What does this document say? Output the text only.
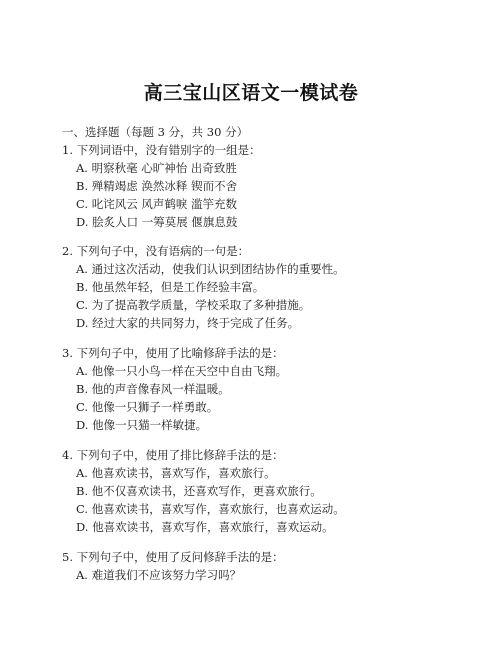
高三宝山区语文一模试卷
一、选择题（每题 3 分，共 30 分）
1. 下列词语中，没有错别字的一组是：
A. 明察秋毫 心旷神怡 出奇致胜
B. 殚精竭虑 涣然冰释 锲而不舍
C. 叱诧风云 风声鹤唳 滥竽充数
D. 脍炙人口 一筹莫展 偃旗息鼓
2. 下列句子中，没有语病的一句是：
A. 通过这次活动，使我们认识到团结协作的重要性。
B. 他虽然年轻，但是工作经验丰富。
C. 为了提高教学质量，学校采取了多种措施。
D. 经过大家的共同努力，终于完成了任务。
3. 下列句子中，使用了比喻修辞手法的是：
A. 他像一只小鸟一样在天空中自由飞翔。
B. 他的声音像春风一样温暖。
C. 他像一只狮子一样勇敢。
D. 他像一只猫一样敏捷。
4. 下列句子中，使用了排比修辞手法的是：
A. 他喜欢读书，喜欢写作，喜欢旅行。
B. 他不仅喜欢读书，还喜欢写作，更喜欢旅行。
C. 他喜欢读书，喜欢写作，喜欢旅行，也喜欢运动。
D. 他喜欢读书，喜欢写作，喜欢旅行，喜欢运动。
5. 下列句子中，使用了反问修辞手法的是：
A. 难道我们不应该努力学习吗？
